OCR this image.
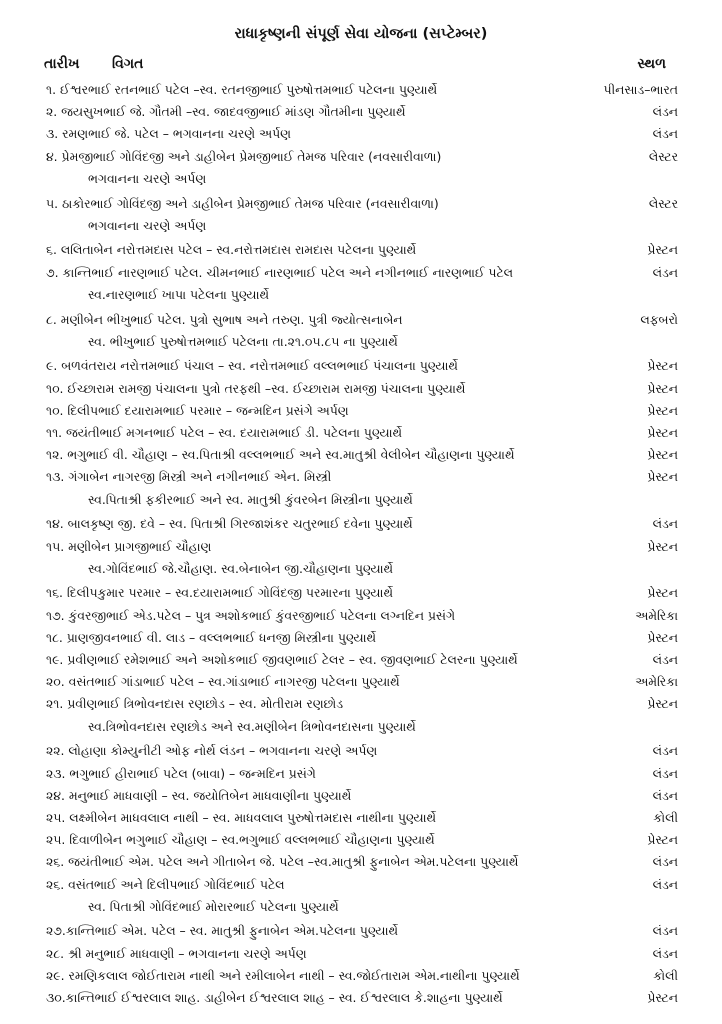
રાધાકૃષ્ણની સંપૂર્ણ સેવા યોજના (સપ્ટેમ્બર)
તારીખ વિગત	સ્થળ
૧. ઈશ્વરભાઈ રતનભાઈ પટેલ –સ્વ. રતનજીભાઈ પુરુષોત્તમભાઈ પટેલના પુણ્યાર્થે	પીનસાડ–ભારત
૨. જયસુખભાઈ જે. ગૌતમી –સ્વ. જાદવજીભાઈ માંડણ ગૌતમીના પુણ્યાર્થે	લંડન
૩. રમણભાઈ જે. પટેલ – ભગવાનના ચરણે અર્પણ	લંડન
૪. પ્રેમજીભાઈ ગોવિંદજી અને ડાહીબેન પ્રેમજીભાઈ તેમજ પરિવાર (નવસારીવાળા)	લેસ્ટર
ભગવાનના ચરણે અર્પણ
૫. ઠાકોરભાઈ ગોવિંદજી અને ડાહીબેન પ્રેમજીભાઈ તેમજ પરિવાર (નવસારીવાળા)	લેસ્ટર
ભગવાનના ચરણે અર્પણ
૬. લલિતાબેન નરોત્તમદાસ પટેલ – સ્વ.નરોત્તમદાસ રામદાસ પટેલના પુણ્યાર્થે	પ્રેસ્ટન
૭. કાન્તિભાઈ નારણભાઈ પટેલ. ચીમનભાઈ નારણભાઈ પટેલ અને નગીનભાઈ નારણભાઈ પટેલ	લંડન
સ્વ.નારણભાઈ ખાપા પટેલના પુણ્યાર્થે
૮. મણીબેન ભીખુભાઈ પટેલ. પુત્રો સુભાષ અને તરુણ. પુત્રી જ્યોત્સનાબેન	લફબરો
સ્વ. ભીખુભાઈ પુરુષોત્તમભાઈ પટેલના તા.૨૧.૦૫.૮૫ ના પુણ્યાર્થે
૯. બળવંતરાય નરોત્તમભાઈ પંચાલ – સ્વ. નરોત્તમભાઈ વલ્લભભાઈ પંચાલના પુણ્યાર્થે	પ્રેસ્ટન
૧૦. ઈચ્છારામ રામજી પંચાલના પુત્રો તરફથી –સ્વ. ઈચ્છારામ રામજી પંચાલના પુણ્યાર્થે	પ્રેસ્ટન
૧૦. દિલીપભાઈ દયારામભાઈ પરમાર – જન્મદિન પ્રસંગે અર્પણ	પ્રેસ્ટન
૧૧. જયંતીભાઈ મગનભાઈ પટેલ – સ્વ. દયારામભાઈ ડી. પટેલના પુણ્યાર્થે	પ્રેસ્ટન
૧૨. ભગુભાઈ વી. ચૌહાણ – સ્વ.પિતાશ્રી વલ્લભભાઈ અને સ્વ.માતુશ્રી વેલીબેન ચૌહાણના પુણ્યાર્થે	પ્રેસ્ટન
૧૩. ગંગાબેન નાગરજી મિસ્ત્રી અને નગીનભાઈ એન. મિસ્ત્રી	પ્રેસ્ટન
સ્વ.પિતાશ્રી ફકીરભાઈ અને સ્વ. માતુશ્રી કુંવરબેન મિસ્ત્રીના પુણ્યાર્થે
૧૪. બાલકૃષ્ણ જી. દવે – સ્વ. પિતાશ્રી ગિરજાશંકર ચતુરભાઈ દવેના પુણ્યાર્થે	લંડન
૧૫. મણીબેન પ્રાગજીભાઈ ચૌહાણ	પ્રેસ્ટન
સ્વ.ગોવિંદભાઈ જે.ચૌહાણ. સ્વ.બેનાબેન જી.ચૌહાણના પુણ્યાર્થે
૧૬. દિલીપકુમાર પરમાર – સ્વ.દયારામભાઈ ગોવિંદજી પરમારના પુણ્યાર્થે	પ્રેસ્ટન
૧૭. કુંવરજીભાઈ એડ.પટેલ – પુત્ર અશોકભાઈ કુંવરજીભાઈ પટેલના લગ્નદિન પ્રસંગે	અમેરિકા
૧૮. પ્રાણજીવનભાઈ વી. લાડ – વલ્લભભાઈ ધનજી મિસ્ત્રીના પુણ્યાર્થે	પ્રેસ્ટન
૧૯. પ્રવીણભાઈ રમેશભાઈ અને અશોકભાઈ જીવણભાઈ ટેલર – સ્વ. જીવણભાઈ ટેલરના પુણ્યાર્થે	લંડન
૨૦. વસંતભાઈ ગાંડાભાઈ પટેલ – સ્વ.ગાંડાભાઈ નાગરજી પટેલના પુણ્યાર્થે	અમેરિકા
૨૧. પ્રવીણભાઈ ત્રિભોવનદાસ રણછોડ – સ્વ. મોતીરામ રણછોડ	પ્રેસ્ટન
સ્વ.ત્રિભોવનદાસ રણછોડ અને સ્વ.મણીબેન ત્રિભોવનદાસના પુણ્યાર્થે
૨૨. લોહાણા કોમ્યુનીટી ઓફ નોર્થ લંડન – ભગવાનના ચરણે અર્પણ	લંડન
૨૩. ભગુભાઈ હીરાભાઈ પટેલ (બાવા) – જન્મદિન પ્રસંગે	લંડન
૨૪. મનુભાઈ માધવાણી – સ્વ. જયોતિબેન માધવાણીના પુણ્યાર્થે	લંડન
૨૫. લક્ષ્મીબેન માધવલાલ નાથી – સ્વ. માધવલાલ પુરુષોત્તમદાસ નાથીના પુણ્યાર્થે	કોલી
૨૫. દિવાળીબેન ભગુભાઈ ચૌહાણ – સ્વ.ભગુભાઈ વલ્લભભાઈ ચૌહાણના પુણ્યાર્થે	પ્રેસ્ટન
૨૬. જયંતીભાઈ એમ. પટેલ અને ગીતાબેન જે. પટેલ –સ્વ.માતુશ્રી ફુનાબેન એમ.પટેલના પુણ્યાર્થે	લંડન
૨૬. વસંતભાઈ અને દિલીપભાઈ ગોવિંદભાઈ પટેલ	લંડન
સ્વ. પિતાશ્રી ગોવિંદભાઈ મોરારભાઈ પટેલના પુણ્યાર્થે
૨૭.કાન્તિભાઈ એમ. પટેલ – સ્વ. માતુશ્રી ફુનાબેન એમ.પટેલના પુણ્યાર્થે	લંડન
૨૮. શ્રી મનુભાઈ માધવાણી – ભગવાનના ચરણે અર્પણ	લંડન
૨૯. રમણિકલાલ જોઈતારામ નાથી અને રમીલાબેન નાથી – સ્વ.જોઈતારામ એમ.નાથીના પુણ્યાર્થે	કોલી
૩૦.કાન્તિભાઈ ઈશ્વરલાલ શાહ. ડાહીબેન ઈશ્વરલાલ શાહ – સ્વ. ઈશ્વરલાલ કે.શાહના પુણ્યાર્થે	પ્રેસ્ટન
